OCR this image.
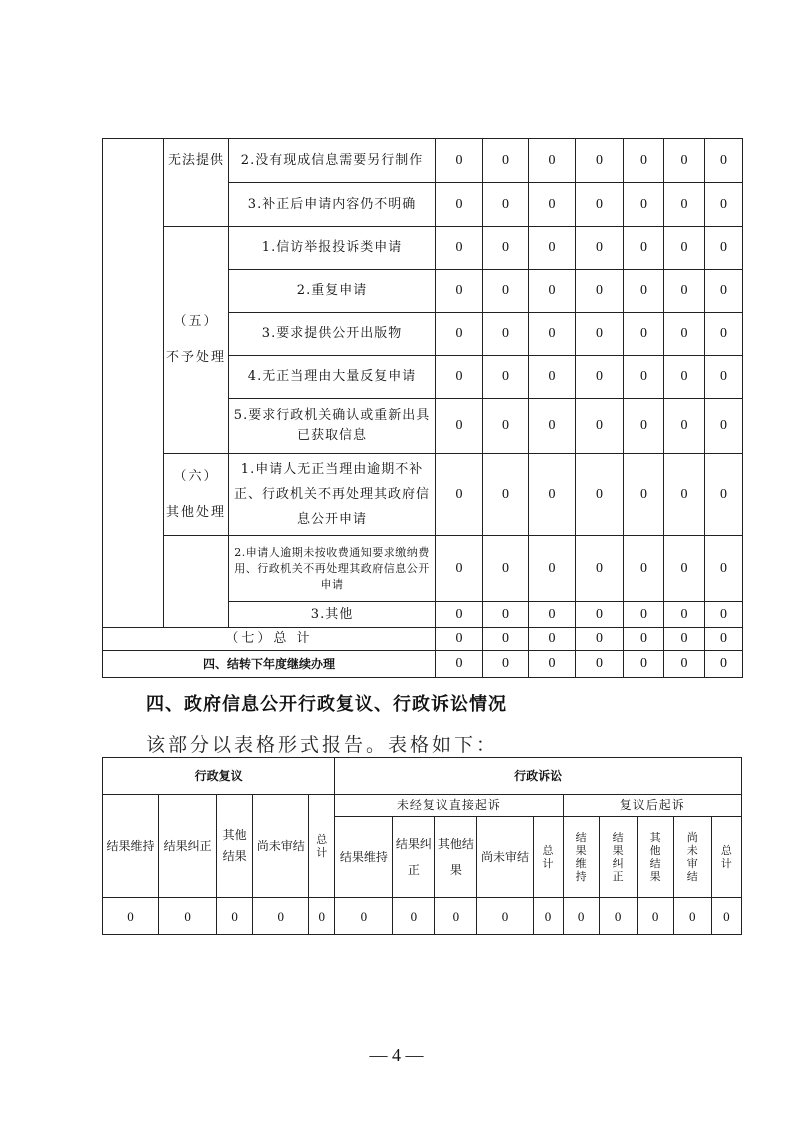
	无法提供	2.没有现成信息需要另行制作	0	0	0	0	0	0	0
		3.补正后申请内容仍不明确	0	0	0	0	0	0	0

	（五）
不予处理	1.信访举报投诉类申请	0	0	0	0	0	0	0
		2.重复申请	0	0	0	0	0	0	0
		3.要求提供公开出版物	0	0	0	0	0	0	0
		4.无正当理由大量反复申请	0	0	0	0	0	0	0
		5.要求行政机关确认或重新出具已获取信息	0	0	0	0	0	0	0

	（六）
其他处理	1.申请人无正当理由逾期不补正、行政机关不再处理其政府信息公开申请	0	0	0	0	0	0	0
		2.申请人逾期未按收费通知要求缴纳费用、行政机关不再处理其政府信息公开申请	0	0	0	0	0	0	0
		3.其他	0	0	0	0	0	0	0
（七）总 计			0	0	0	0	0	0	0
四、结转下年度继续办理			0	0	0	0	0	0	0
四、政府信息公开行政复议、行政诉讼情况
该部分以表格形式报告。表格如下：
行政复议					行政诉讼									
结果维持	结果纠正	其他结果	尚未审结	总计	未经复议直接起诉					复议后起诉				
					结果维持	结果纠正	其他结果	尚未审结	总计	结果维持	结果纠正	其他结果	尚未审结	总计
0	0	0	0	0	0	0	0	0	0	0	0	0	0	0
— 4 —
